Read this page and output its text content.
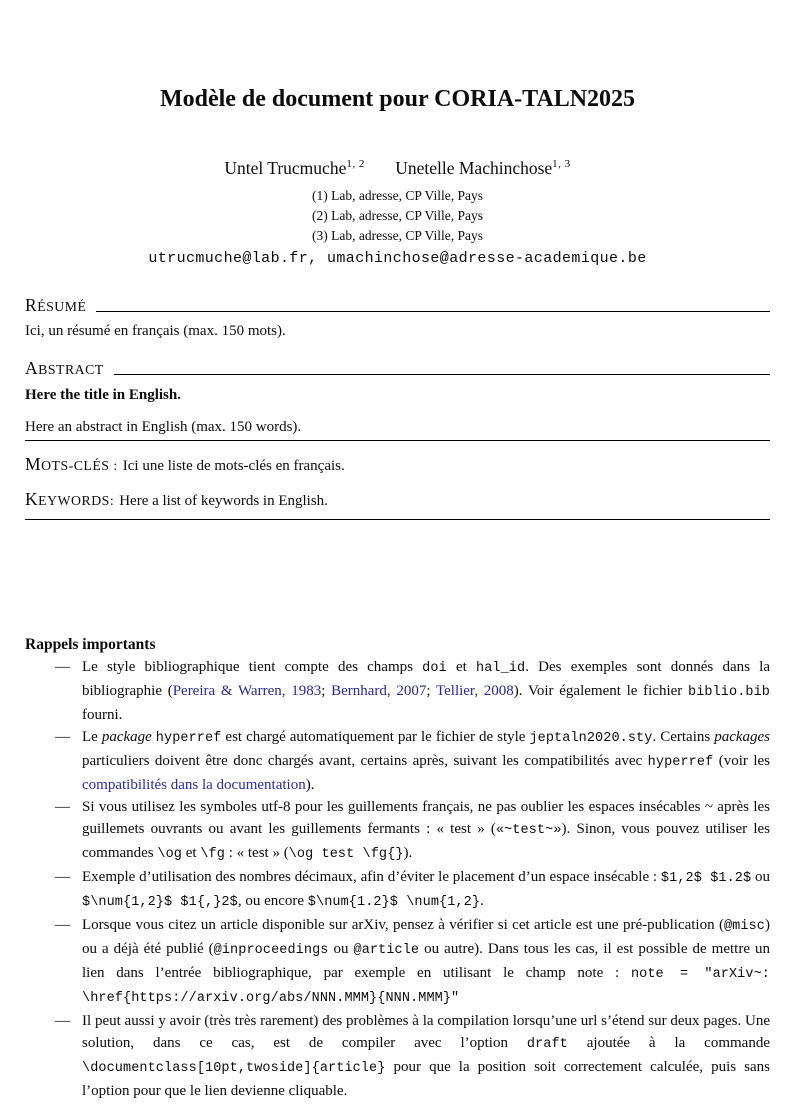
Modèle de document pour CORIA-TALN2025
Untel Trucmuche$^{1, 2}$ Unetelle Machinchose$^{1, 3}$
(1) Lab, adresse, CP Ville, Pays
(2) Lab, adresse, CP Ville, Pays
(3) Lab, adresse, CP Ville, Pays
utrucmuche@lab.fr, umachinchose@adresse-academique.be
RÉSUMÉ

Ici, un résumé en français (max. 150 mots).

ABSTRACT

Here the title in English.

Here an abstract in English (max. 150 words).

MOTS-CLÉS : Ici une liste de mots-clés en français.

KEYWORDS: Here a list of keywords in English.

Rappels importants

— Le style bibliographique tient compte des champs doi et hal_id. Des exemples sont donnés dans la bibliographie (Pereira & Warren, 1983; Bernhard, 2007; Tellier, 2008). Voir également le fichier biblio.bib fourni.

— Le package hyperref est chargé automatiquement par le fichier de style jeptaln2020.sty. Certains packages particuliers doivent être donc chargés avant, certains après, suivant les compatibilités avec hyperref (voir les compatibilités dans la documentation).

— Si vous utilisez les symboles utf-8 pour les guillements français, ne pas oublier les espaces insécables ~ après les guillemets ouvrants ou avant les guillements fermants : « test » («~test~»). Sinon, vous pouvez utiliser les commandes \og et \fg : « test » (\og test \fg{}).

— Exemple d’utilisation des nombres décimaux, afin d’éviter le placement d’un espace insécable : $1,2$ $1.2$ ou $\num{1,2}$ $1{,}2$, ou encore $\num{1.2}$ \num{1,2}.

— Lorsque vous citez un article disponible sur arXiv, pensez à vérifier si cet article est une pré-publication (@misc) ou a déjà été publié (@inproceedings ou @article ou autre). Dans tous les cas, il est possible de mettre un lien dans l’entrée bibliographique, par exemple en utilisant le champ note : note = "arXiv~: \href{https://arxiv.org/abs/NNN.MMM}{NNN.MMM}"

— Il peut aussi y avoir (très très rarement) des problèmes à la compilation lorsqu’une url s’étend sur deux pages. Une solution, dans ce cas, est de compiler avec l’option draft ajoutée à la commande \documentclass[10pt,twoside]{article} pour que la position soit correctement calculée, puis sans l’option pour que le lien devienne cliquable.
